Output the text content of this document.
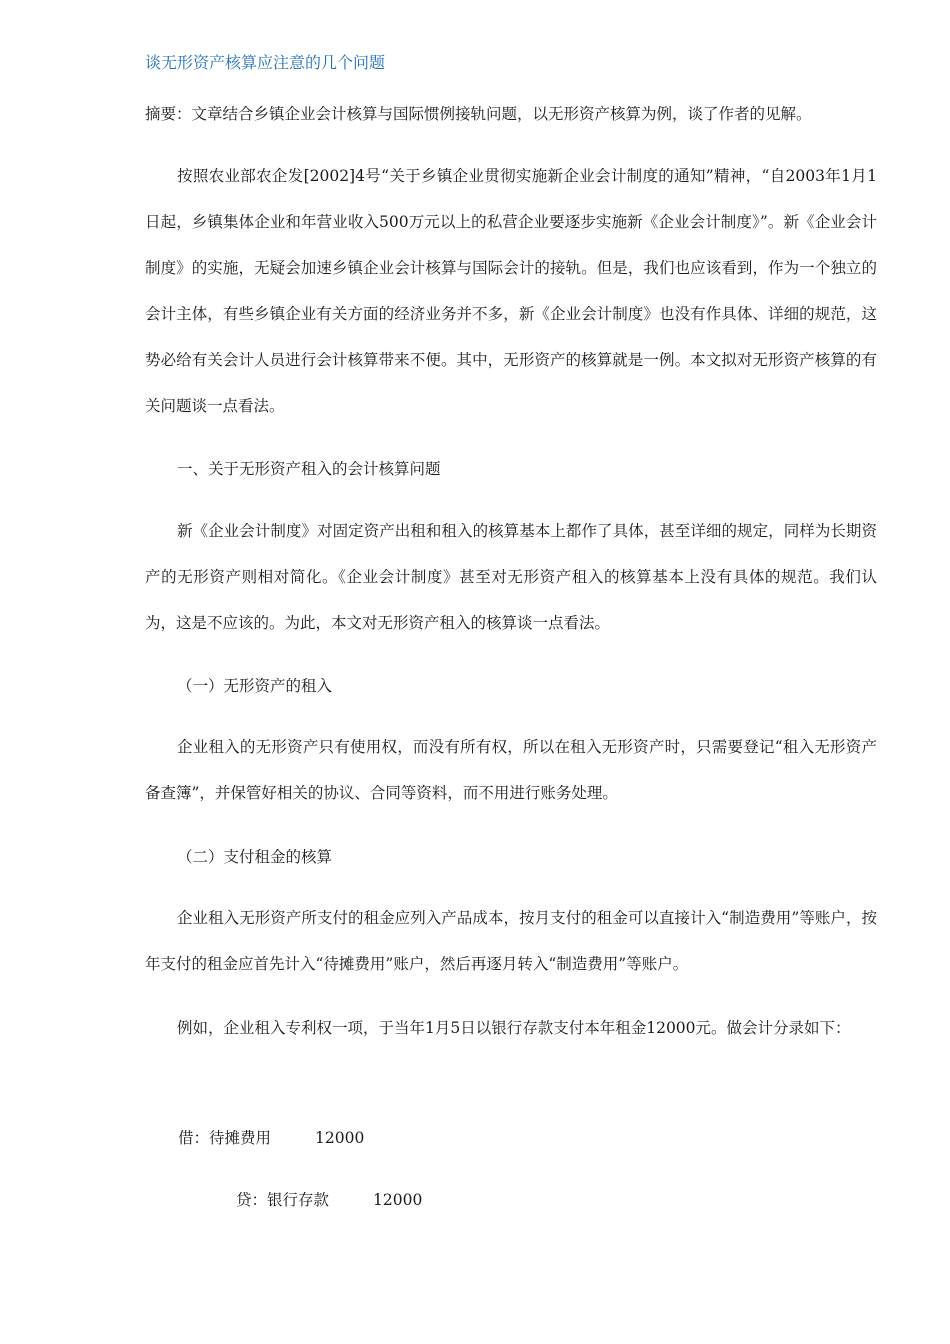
谈无形资产核算应注意的几个问题

摘要：文章结合乡镇企业会计核算与国际惯例接轨问题，以无形资产核算为例，谈了作者的见解。

按照农业部农企发[2002]4号“关于乡镇企业贯彻实施新企业会计制度的通知”精神，“自2003年1月1日起，乡镇集体企业和年营业收入500万元以上的私营企业要逐步实施新《企业会计制度》”。新《企业会计制度》的实施，无疑会加速乡镇企业会计核算与国际会计的接轨。但是，我们也应该看到，作为一个独立的会计主体，有些乡镇企业有关方面的经济业务并不多，新《企业会计制度》也没有作具体、详细的规范，这势必给有关会计人员进行会计核算带来不便。其中，无形资产的核算就是一例。本文拟对无形资产核算的有关问题谈一点看法。

一、关于无形资产租入的会计核算问题

新《企业会计制度》对固定资产出租和租入的核算基本上都作了具体，甚至详细的规定，同样为长期资产的无形资产则相对简化。《企业会计制度》甚至对无形资产租入的核算基本上没有具体的规范。我们认为，这是不应该的。为此，本文对无形资产租入的核算谈一点看法。

（一）无形资产的租入

企业租入的无形资产只有使用权，而没有所有权，所以在租入无形资产时，只需要登记“租入无形资产备查簿”，并保管好相关的协议、合同等资料，而不用进行账务处理。

（二）支付租金的核算

企业租入无形资产所支付的租金应列入产品成本，按月支付的租金可以直接计入“制造费用”等账户，按年支付的租金应首先计入“待摊费用”账户，然后再逐月转入“制造费用”等账户。

例如，企业租入专利权一项，于当年1月5日以银行存款支付本年租金12000元。做会计分录如下：

借：待摊费用	12000
贷：银行存款	12000
